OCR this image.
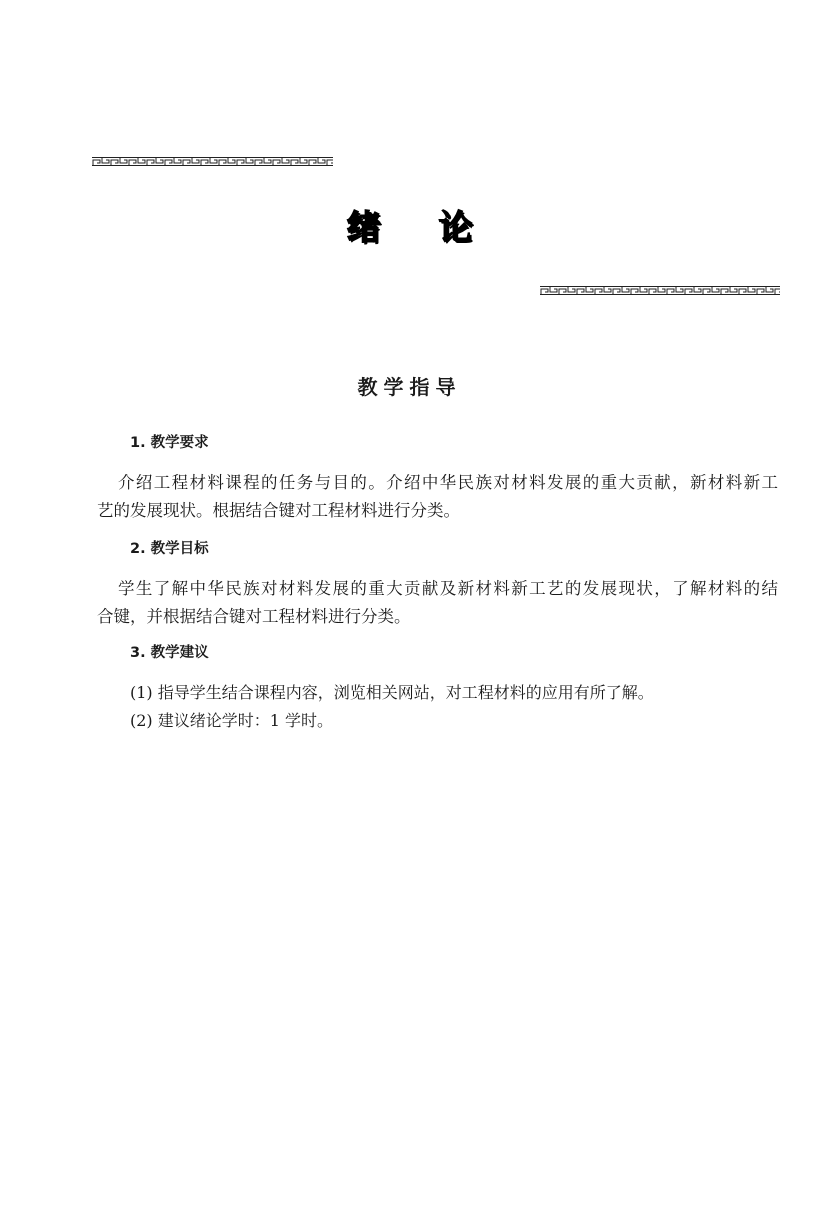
绪 论
教学指导
1. 教学要求
介绍工程材料课程的任务与目的。介绍中华民族对材料发展的重大贡献，新材料新工
艺的发展现状。根据结合键对工程材料进行分类。
2. 教学目标
学生了解中华民族对材料发展的重大贡献及新材料新工艺的发展现状，了解材料的结
合键，并根据结合键对工程材料进行分类。
3. 教学建议
(1) 指导学生结合课程内容，浏览相关网站，对工程材料的应用有所了解。
(2) 建议绪论学时：1 学时。
